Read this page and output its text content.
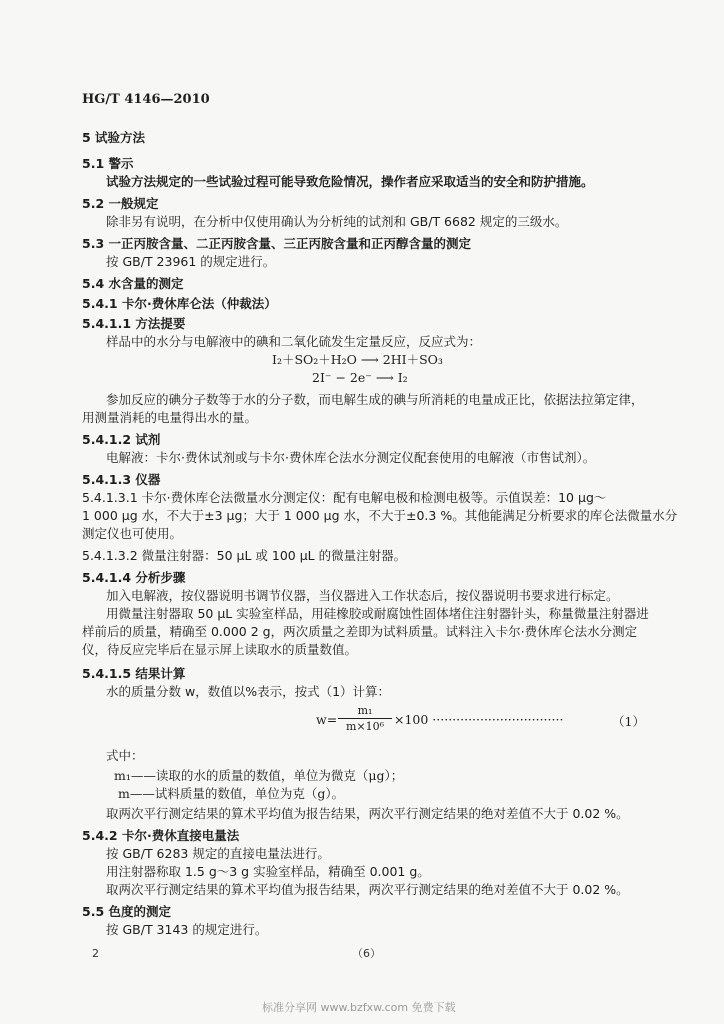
HG/T 4146—2010
5 试验方法
5.1 警示
试验方法规定的一些试验过程可能导致危险情况，操作者应采取适当的安全和防护措施。
5.2 一般规定
除非另有说明，在分析中仅使用确认为分析纯的试剂和 GB/T 6682 规定的三级水。
5.3 一正丙胺含量、二正丙胺含量、三正丙胺含量和正丙醇含量的测定
按 GB/T 23961 的规定进行。
5.4 水含量的测定
5.4.1 卡尔·费休库仑法（仲裁法）
5.4.1.1 方法提要
样品中的水分与电解液中的碘和二氧化硫发生定量反应，反应式为：
I₂＋SO₂＋H₂O ⟶ 2HI＋SO₃
2I⁻ − 2e⁻ ⟶ I₂
参加反应的碘分子数等于水的分子数，而电解生成的碘与所消耗的电量成正比，依据法拉第定律，
用测量消耗的电量得出水的量。
5.4.1.2 试剂
电解液：卡尔·费休试剂或与卡尔·费休库仑法水分测定仪配套使用的电解液（市售试剂）。
5.4.1.3 仪器
5.4.1.3.1 卡尔·费休库仑法微量水分测定仪：配有电解电极和检测电极等。示值误差：10 μg～
1 000 μg 水，不大于±3 μg；大于 1 000 μg 水，不大于±0.3 %。其他能满足分析要求的库仑法微量水分
测定仪也可使用。
5.4.1.3.2 微量注射器：50 μL 或 100 μL 的微量注射器。
5.4.1.4 分析步骤
加入电解液，按仪器说明书调节仪器，当仪器进入工作状态后，按仪器说明书要求进行标定。
用微量注射器取 50 μL 实验室样品，用硅橡胶或耐腐蚀性固体堵住注射器针头，称量微量注射器进
样前后的质量，精确至 0.000 2 g，两次质量之差即为试料质量。试料注入卡尔·费休库仑法水分测定
仪，待反应完毕后在显示屏上读取水的质量数值。
5.4.1.5 结果计算
水的质量分数 w，数值以%表示，按式（1）计算：
$w= \frac{\text{m₁}}{\text{m×10⁶}} \times 100$ ·································	（1）
式中：
m₁——读取的水的质量的数值，单位为微克（μg）；
m——试料质量的数值，单位为克（g）。
取两次平行测定结果的算术平均值为报告结果，两次平行测定结果的绝对差值不大于 0.02 %。
5.4.2 卡尔·费休直接电量法
按 GB/T 6283 规定的直接电量法进行。
用注射器称取 1.5 g～3 g 实验室样品，精确至 0.001 g。
取两次平行测定结果的算术平均值为报告结果，两次平行测定结果的绝对差值不大于 0.02 %。
5.5 色度的测定
按 GB/T 3143 的规定进行。
2	（6）
标准分享网 www.bzfxw.com 免费下载
